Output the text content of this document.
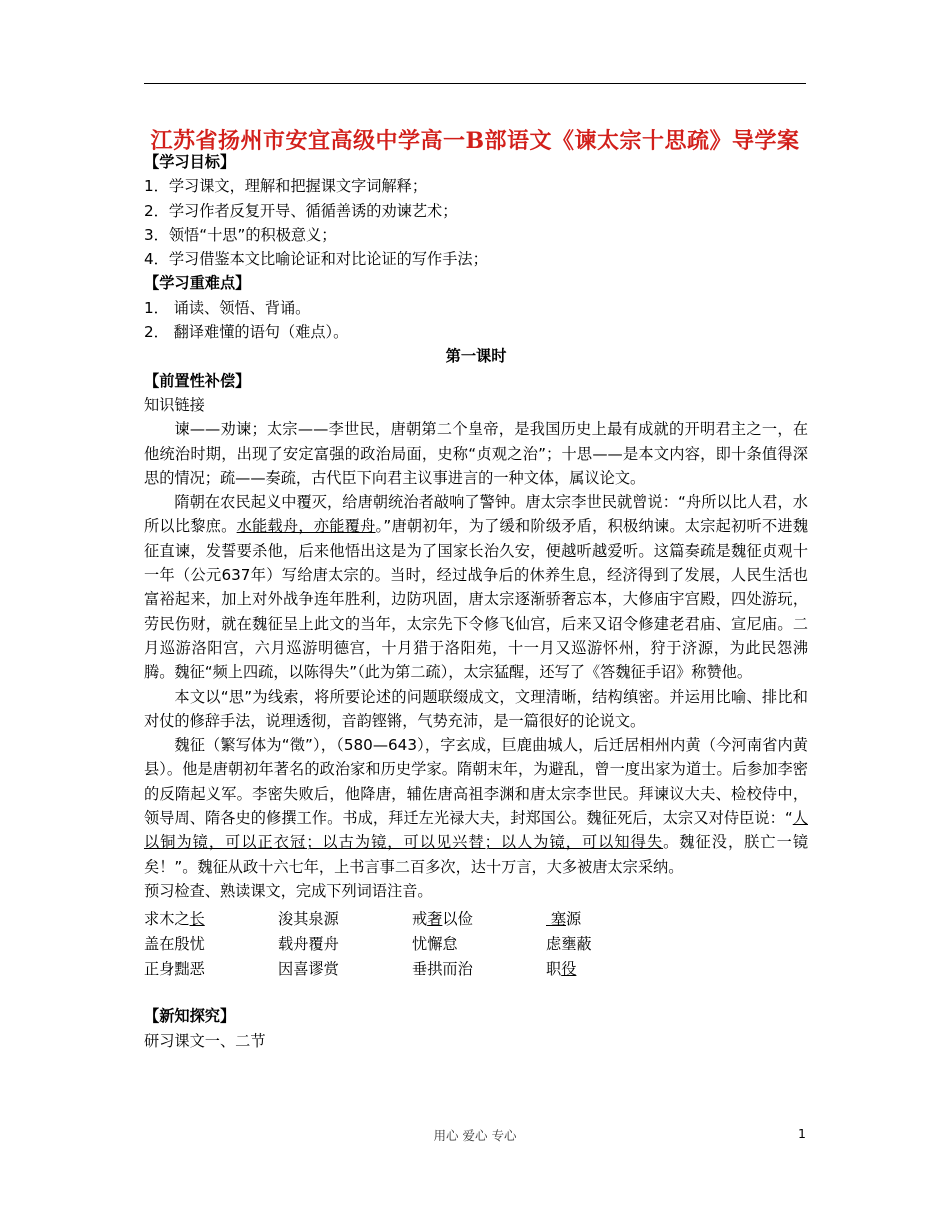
江苏省扬州市安宜高级中学高一B部语文《谏太宗十思疏》导学案
【学习目标】
1．学习课文，理解和把握课文字词解释；
2．学习作者反复开导、循循善诱的劝谏艺术；
3．领悟“十思”的积极意义；
4．学习借鉴本文比喻论证和对比论证的写作手法；
【学习重难点】
1． 诵读、领悟、背诵。
2． 翻译难懂的语句（难点）。
第一课时
【前置性补偿】
知识链接
谏——劝谏；太宗——李世民，唐朝第二个皇帝，是我国历史上最有成就的开明君主之一，在他统治时期，出现了安定富强的政治局面，史称“贞观之治”；十思——是本文内容，即十条值得深思的情况；疏——奏疏，古代臣下向君主议事进言的一种文体，属议论文。
隋朝在农民起义中覆灭，给唐朝统治者敲响了警钟。唐太宗李世民就曾说：“舟所以比人君，水所以比黎庶。水能载舟，亦能覆舟。”唐朝初年，为了缓和阶级矛盾，积极纳谏。太宗起初听不进魏征直谏，发誓要杀他，后来他悟出这是为了国家长治久安，便越听越爱听。这篇奏疏是魏征贞观十一年（公元637年）写给唐太宗的。当时，经过战争后的休养生息，经济得到了发展，人民生活也富裕起来，加上对外战争连年胜利，边防巩固，唐太宗逐渐骄奢忘本，大修庙宇宫殿，四处游玩，劳民伤财，就在魏征呈上此文的当年，太宗先下令修飞仙宫，后来又诏令修建老君庙、宣尼庙。二月巡游洛阳宫，六月巡游明德宫，十月猎于洛阳苑，十一月又巡游怀州，狩于济源，为此民怨沸腾。魏征“频上四疏，以陈得失”（此为第二疏），太宗猛醒，还写了《答魏征手诏》称赞他。
本文以“思”为线索，将所要论述的问题联缀成文，文理清晰，结构缜密。并运用比喻、排比和对仗的修辞手法，说理透彻，音韵铿锵，气势充沛，是一篇很好的论说文。
魏征（繁写体为“徵”），（580—643），字玄成，巨鹿曲城人，后迁居相州内黄（今河南省内黄县）。他是唐朝初年著名的政治家和历史学家。隋朝末年，为避乱，曾一度出家为道士。后参加李密的反隋起义军。李密失败后，他降唐，辅佐唐高祖李渊和唐太宗李世民。拜谏议大夫、检校侍中，领导周、隋各史的修撰工作。书成，拜迁左光禄大夫，封郑国公。魏征死后，太宗又对侍臣说：“人以铜为镜，可以正衣冠；以古为镜，可以见兴替；以人为镜，可以知得失。魏征没，朕亡一镜矣！”。魏征从政十六七年，上书言事二百多次，达十万言，大多被唐太宗采纳。
预习检查、熟读课文，完成下列词语注音。
求木之长	浚其泉源	戒奢以俭	塞源
盖在殷忧	载舟覆舟	忧懈怠	虑壅蔽
正身黜恶	因喜谬赏	垂拱而治	职役
【新知探究】
研习课文一、二节
用心 爱心 专心	1
